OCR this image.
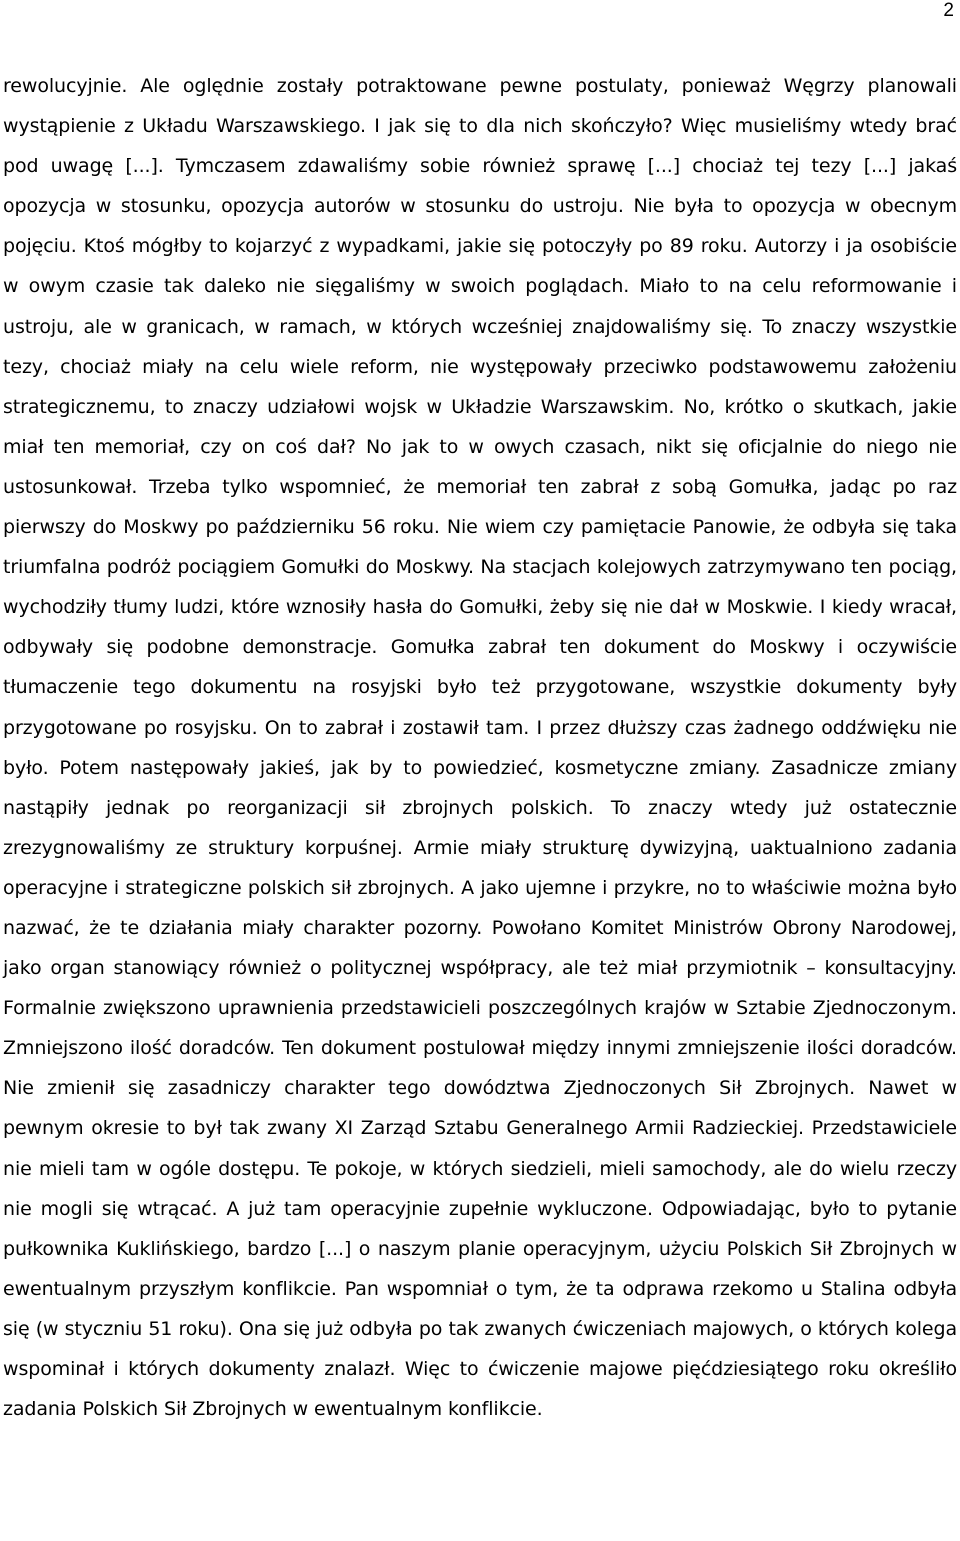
2

rewolucyjnie. Ale oględnie zostały potraktowane pewne postulaty, ponieważ Węgrzy planowali wystąpienie z Układu Warszawskiego. I jak się to dla nich skończyło? Więc musieliśmy wtedy brać pod uwagę [...]. Tymczasem zdawaliśmy sobie również sprawę [...] chociaż tej tezy [...] jakaś opozycja w stosunku, opozycja autorów w stosunku do ustroju. Nie była to opozycja w obecnym pojęciu. Ktoś mógłby to kojarzyć z wypadkami, jakie się potoczyły po 89 roku. Autorzy i ja osobiście w owym czasie tak daleko nie sięgaliśmy w swoich poglądach. Miało to na celu reformowanie i ustroju, ale w granicach, w ramach, w których wcześniej znajdowaliśmy się. To znaczy wszystkie tezy, chociaż miały na celu wiele reform, nie występowały przeciwko podstawowemu założeniu strategicznemu, to znaczy udziałowi wojsk w Układzie Warszawskim. No, krótko o skutkach, jakie miał ten memoriał, czy on coś dał? No jak to w owych czasach, nikt się oficjalnie do niego nie ustosunkował. Trzeba tylko wspomnieć, że memoriał ten zabrał z sobą Gomułka, jadąc po raz pierwszy do Moskwy po październiku 56 roku. Nie wiem czy pamiętacie Panowie, że odbyła się taka triumfalna podróż pociągiem Gomułki do Moskwy. Na stacjach kolejowych zatrzymywano ten pociąg, wychodziły tłumy ludzi, które wznosiły hasła do Gomułki, żeby się nie dał w Moskwie. I kiedy wracał, odbywały się podobne demonstracje. Gomułka zabrał ten dokument do Moskwy i oczywiście tłumaczenie tego dokumentu na rosyjski było też przygotowane, wszystkie dokumenty były przygotowane po rosyjsku. On to zabrał i zostawił tam. I przez dłuższy czas żadnego oddźwięku nie było. Potem następowały jakieś, jak by to powiedzieć, kosmetyczne zmiany. Zasadnicze zmiany nastąpiły jednak po reorganizacji sił zbrojnych polskich. To znaczy wtedy już ostatecznie zrezygnowaliśmy ze struktury korpuśnej. Armie miały strukturę dywizyjną, uaktualniono zadania operacyjne i strategiczne polskich sił zbrojnych. A jako ujemne i przykre, no to właściwie można było nazwać, że te działania miały charakter pozorny. Powołano Komitet Ministrów Obrony Narodowej, jako organ stanowiący również o politycznej współpracy, ale też miał przymiotnik – konsultacyjny. Formalnie zwiększono uprawnienia przedstawicieli poszczególnych krajów w Sztabie Zjednoczonym. Zmniejszono ilość doradców. Ten dokument postulował między innymi zmniejszenie ilości doradców. Nie zmienił się zasadniczy charakter tego dowództwa Zjednoczonych Sił Zbrojnych. Nawet w pewnym okresie to był tak zwany XI Zarząd Sztabu Generalnego Armii Radzieckiej. Przedstawiciele nie mieli tam w ogóle dostępu. Te pokoje, w których siedzieli, mieli samochody, ale do wielu rzeczy nie mogli się wtrącać. A już tam operacyjnie zupełnie wykluczone. Odpowiadając, było to pytanie pułkownika Kuklińskiego, bardzo [...] o naszym planie operacyjnym, użyciu Polskich Sił Zbrojnych w ewentualnym przyszłym konflikcie. Pan wspomniał o tym, że ta odprawa rzekomo u Stalina odbyła się (w styczniu 51 roku). Ona się już odbyła po tak zwanych ćwiczeniach majowych, o których kolega wspominał i których dokumenty znalazł. Więc to ćwiczenie majowe pięćdziesiątego roku określiło zadania Polskich Sił Zbrojnych w ewentualnym konflikcie.
